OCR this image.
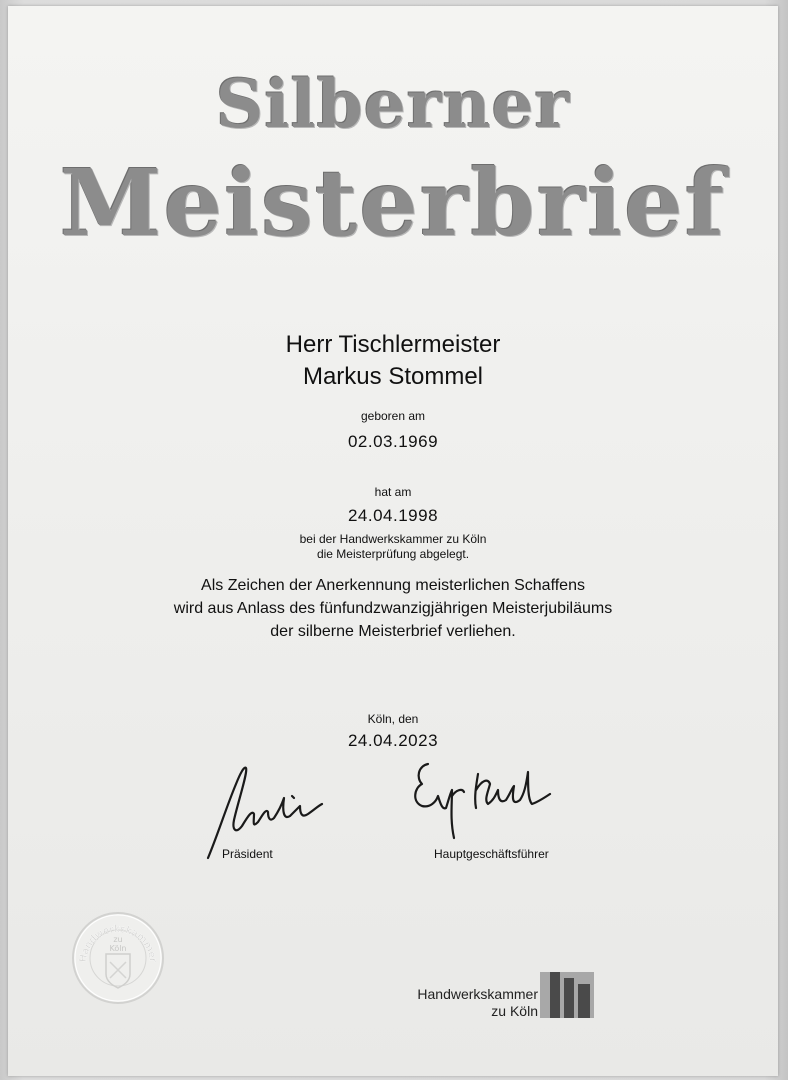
Silberner
Meisterbrief
Herr Tischlermeister
Markus Stommel
geboren am
02.03.1969
hat am
24.04.1998
bei der Handwerkskammer zu Köln
die Meisterprüfung abgelegt.
Als Zeichen der Anerkennung meisterlichen Schaffens
wird aus Anlass des fünfundzwanzigjährigen Meisterjubiläums
der silberne Meisterbrief verliehen.
Köln, den
24.04.2023
Präsident	Hauptgeschäftsführer
Handwerkskammer
zu
Köln
Handwerkskammer
zu Köln
